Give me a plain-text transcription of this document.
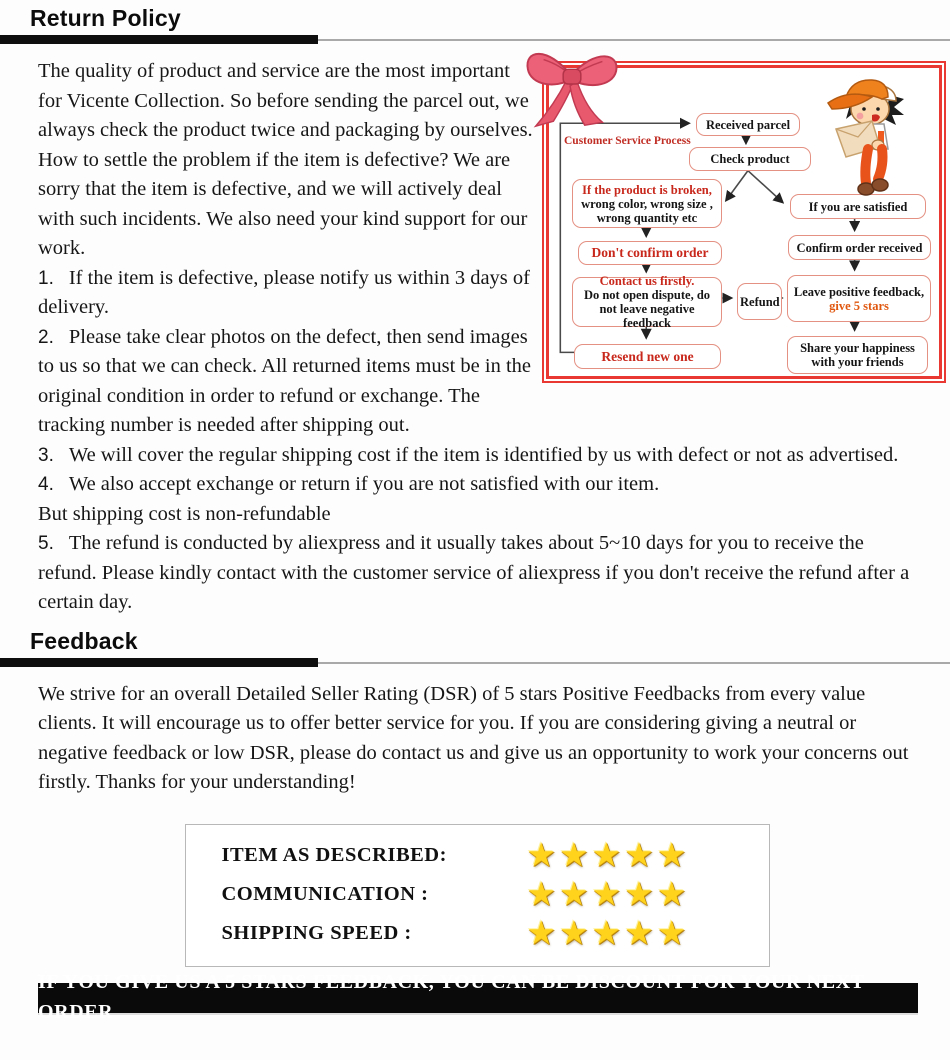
Return Policy
Customer Service Process
Received parcel
Check product
If the product is broken,
wrong color, wrong size , wrong quantity etc
If you are satisfied
Don't confirm order	Confirm order received
Contact us firstly.
Do not open dispute, do not leave negative feedback
Refund
Leave positive feedback,
give 5 stars
Resend new one
Share your happiness with your friends

The quality of product and service are the most important for Vicente Collection. So before sending the parcel out, we always check the product twice and packaging by ourselves.

How to settle the problem if the item is defective? We are sorry that the item is defective, and we will actively deal with such incidents. We also need your kind support for our work.

1. If the item is defective, please notify us within 3 days of delivery.

2. Please take clear photos on the defect, then send images to us so that we can check. All returned items must be in the original condition in order to refund or exchange. The tracking number is needed after shipping out.

3. We will cover the regular shipping cost if the item is identified by us with defect or not as advertised.

4. We also accept exchange or return if you are not satisfied with our item.

But shipping cost is non-refundable

5. The refund is conducted by aliexpress and it usually takes about 5~10 days for you to receive the refund. Please kindly contact with the customer service of aliexpress if you don't receive the refund after a certain day.

Feedback

We strive for an overall Detailed Seller Rating (DSR) of 5 stars Positive Feedbacks from every value clients. It will encourage us to offer better service for you. If you are considering giving a neutral or negative feedback or low DSR, please do contact us and give us an opportunity to work your concerns out firstly. Thanks for your understanding!

ITEM AS DESCRIBED:	★★★★★
COMMUNICATION :	★★★★★
SHIPPING SPEED :	★★★★★
IF YOU GIVE US A 5 STARS FEEDBACK, YOU CAN BE DISCOUNT FOR YOUR NEXT ORDER
